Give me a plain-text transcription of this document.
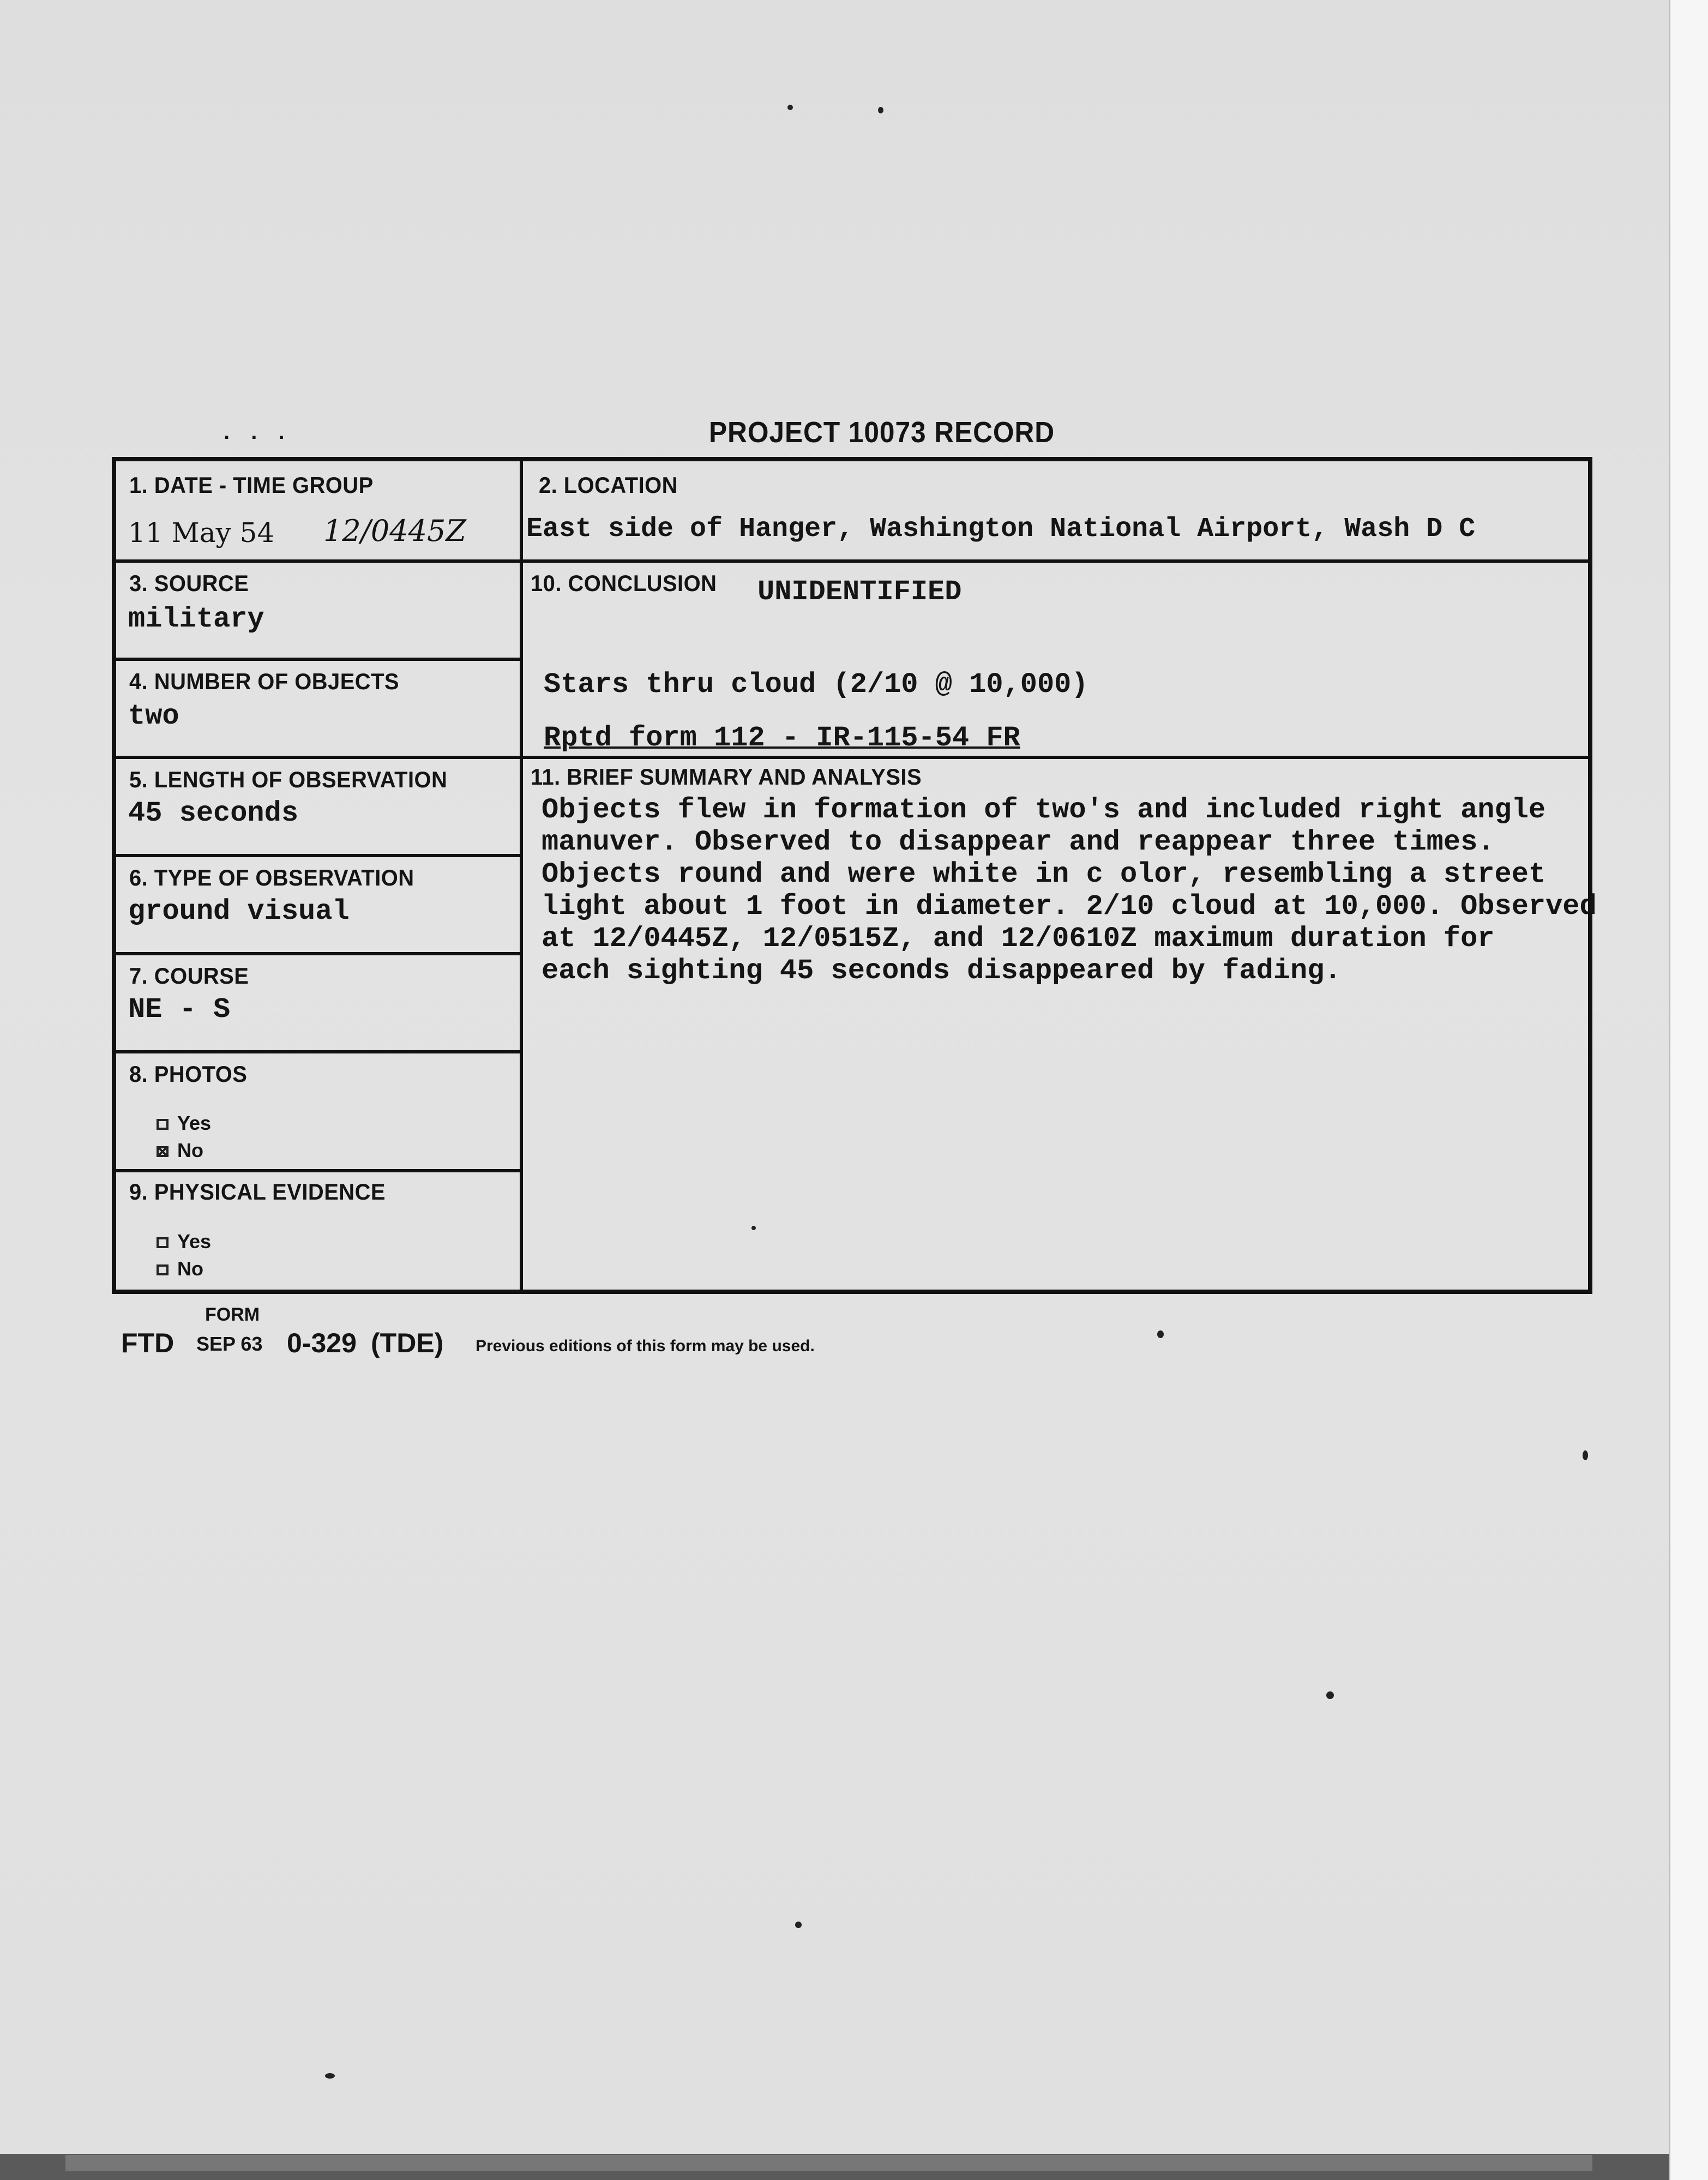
. . .	PROJECT 10073 RECORD
1. DATE - TIME GROUP
11 May 54 12/0445Z
2. LOCATION
East side of Hanger, Washington National Airport, Wash D C
3. SOURCE
military
10. CONCLUSION UNIDENTIFIED
Stars thru cloud (2/10 @ 10,000)
Rptd form 112 - IR-115-54 FR
4. NUMBER OF OBJECTS
two
5. LENGTH OF OBSERVATION
45 seconds
11. BRIEF SUMMARY AND ANALYSIS
Objects flew in formation of two's and included right angle
manuver. Observed to disappear and reappear three times.
Objects round and were white in c olor, resembling a street
light about 1 foot in diameter. 2/10 cloud at 10,000. Observed
at 12/0445Z, 12/0515Z, and 12/0610Z maximum duration for
each sighting 45 seconds disappeared by fading.
6. TYPE OF OBSERVATION
ground visual
7. COURSE
NE - S
8. PHOTOS
Yes
No
9. PHYSICAL EVIDENCE
Yes
No
FORM
FTD SEP 63 0-329 (TDE) Previous editions of this form may be used.
